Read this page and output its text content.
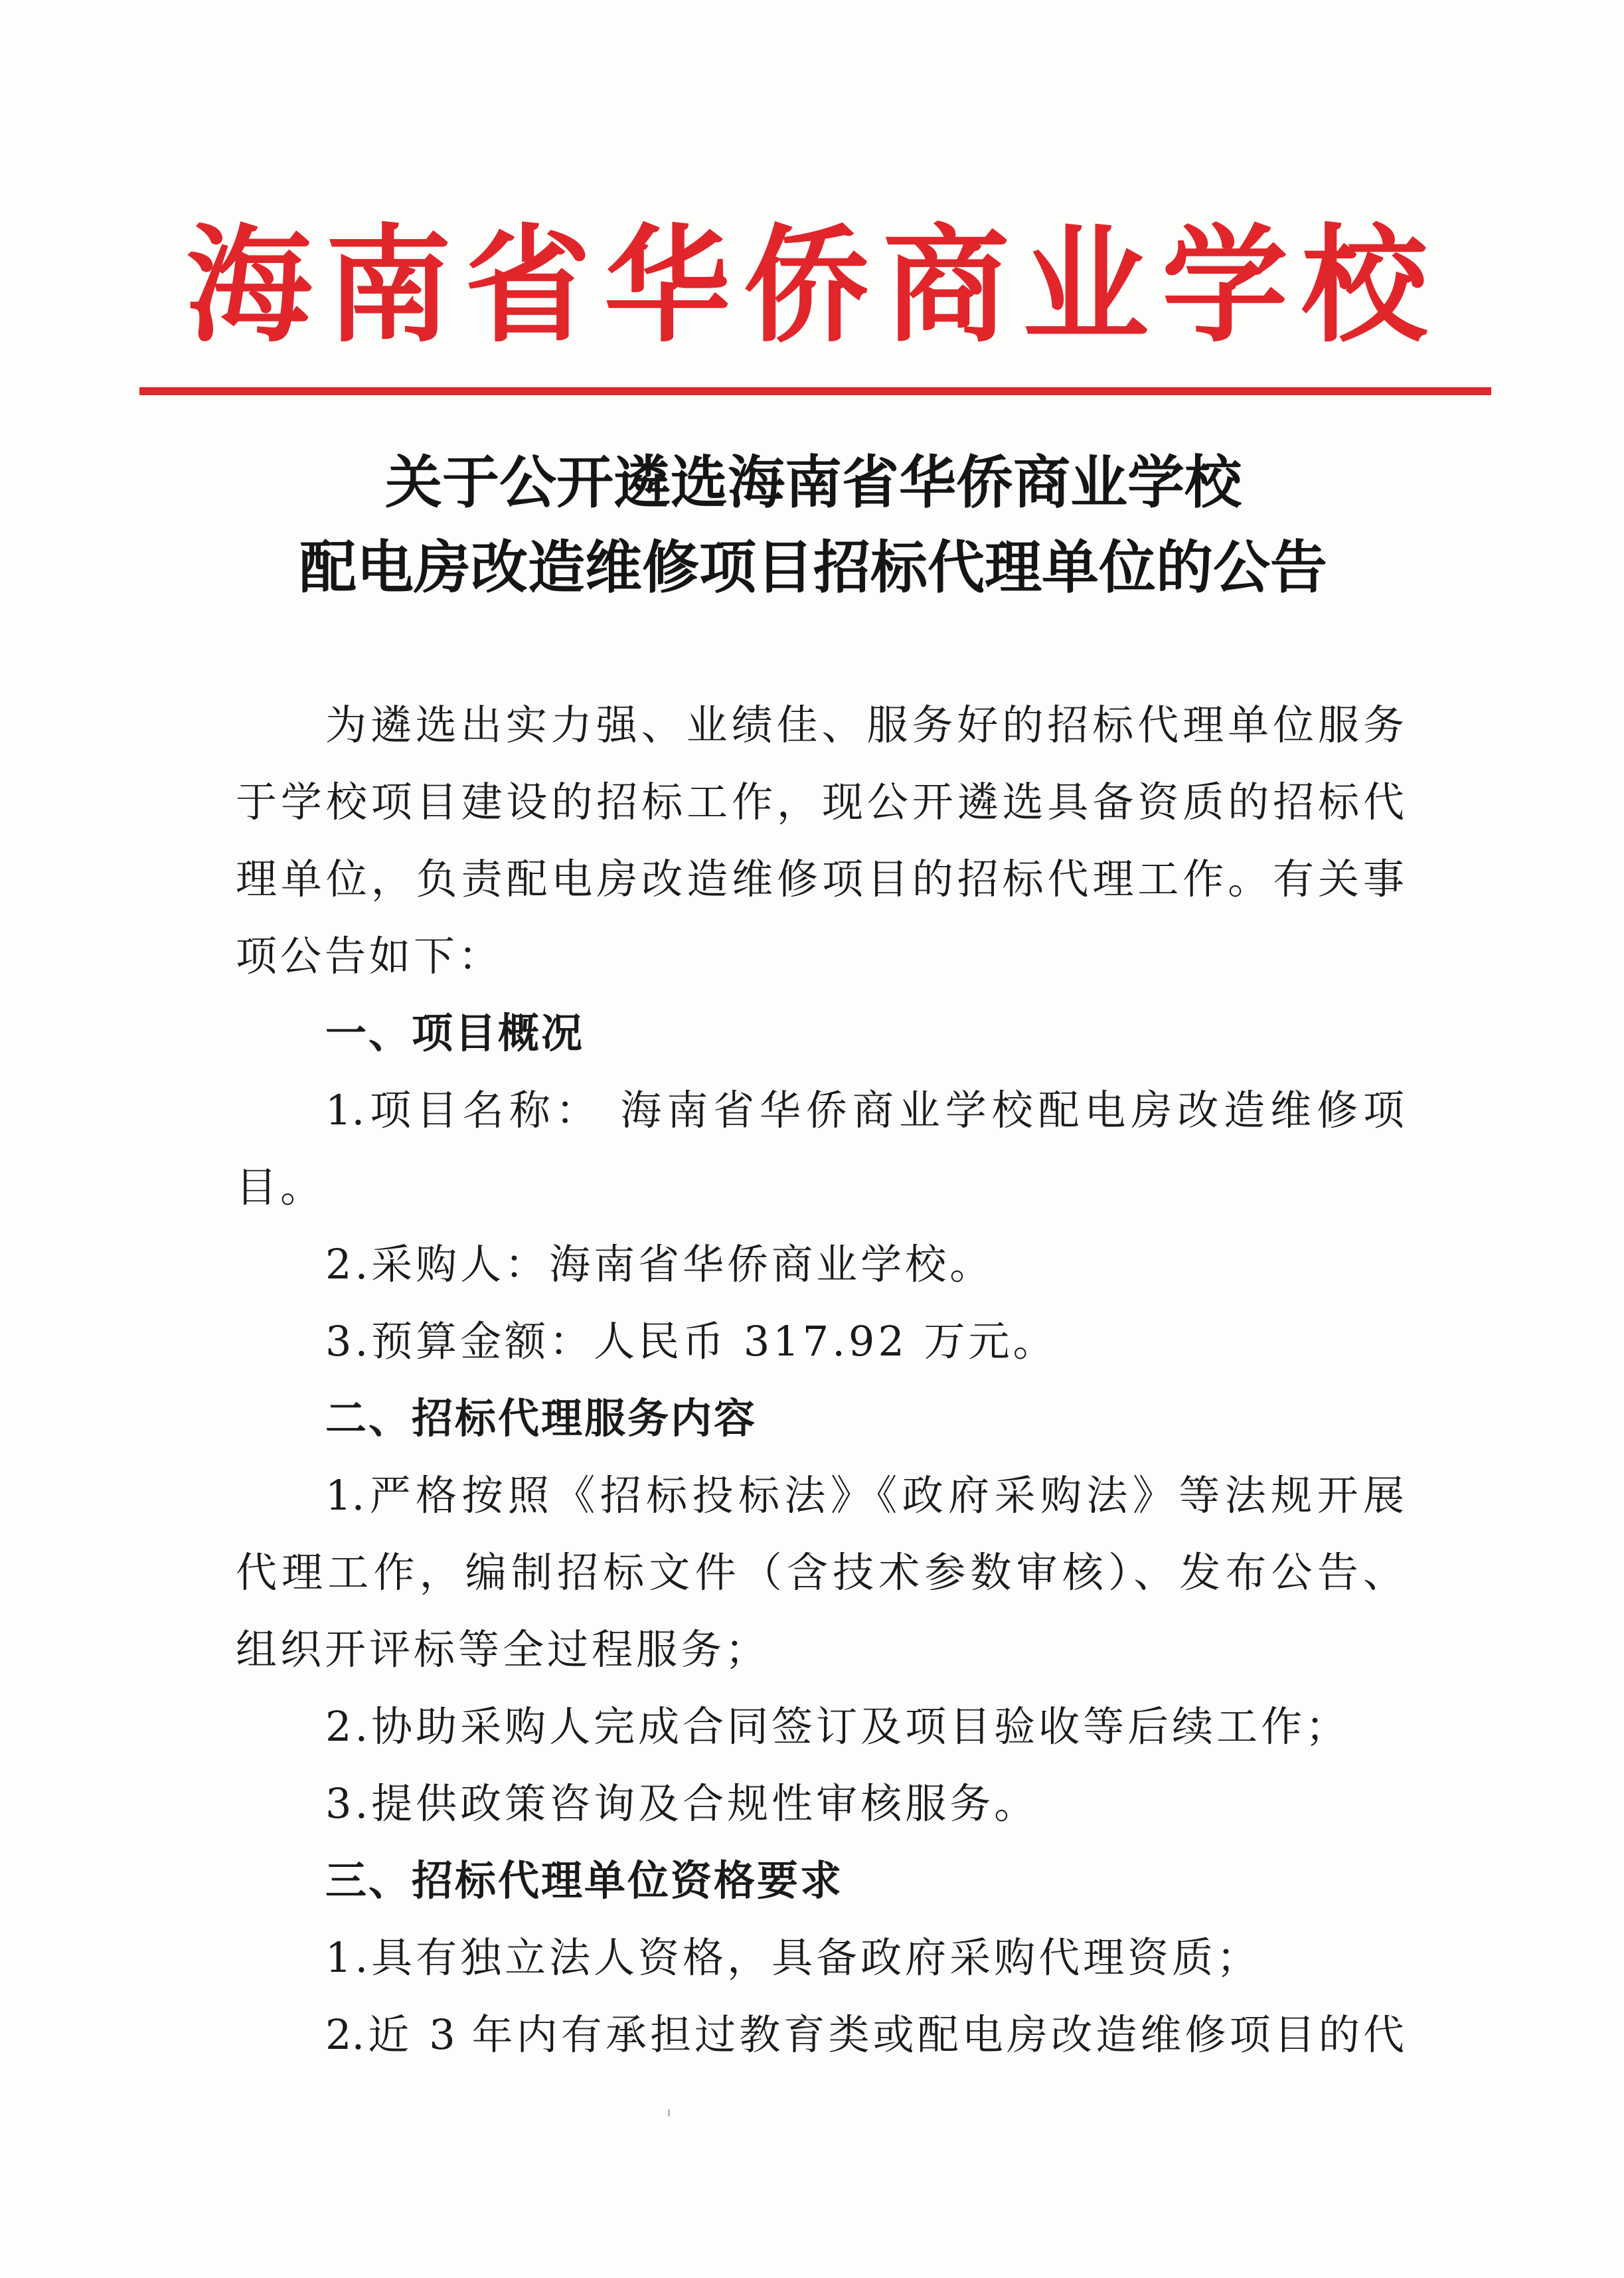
海南省华侨商业学校
关于公开遴选海南省华侨商业学校
配电房改造维修项目招标代理单位的公告
为遴选出实力强、业绩佳、服务好的招标代理单位服务
于学校项目建设的招标工作，现公开遴选具备资质的招标代
理单位，负责配电房改造维修项目的招标代理工作。有关事
项公告如下：
一、项目概况
1.项目名称： 海南省华侨商业学校配电房改造维修项
目。
2.采购人：海南省华侨商业学校。
3.预算金额：人民币 317.92 万元。
二、招标代理服务内容
1.严格按照《招标投标法》《政府采购法》等法规开展
代理工作，编制招标文件（含技术参数审核）、发布公告、
组织开评标等全过程服务；
2.协助采购人完成合同签订及项目验收等后续工作；
3.提供政策咨询及合规性审核服务。
三、招标代理单位资格要求
1.具有独立法人资格，具备政府采购代理资质；
2.近 3 年内有承担过教育类或配电房改造维修项目的代
